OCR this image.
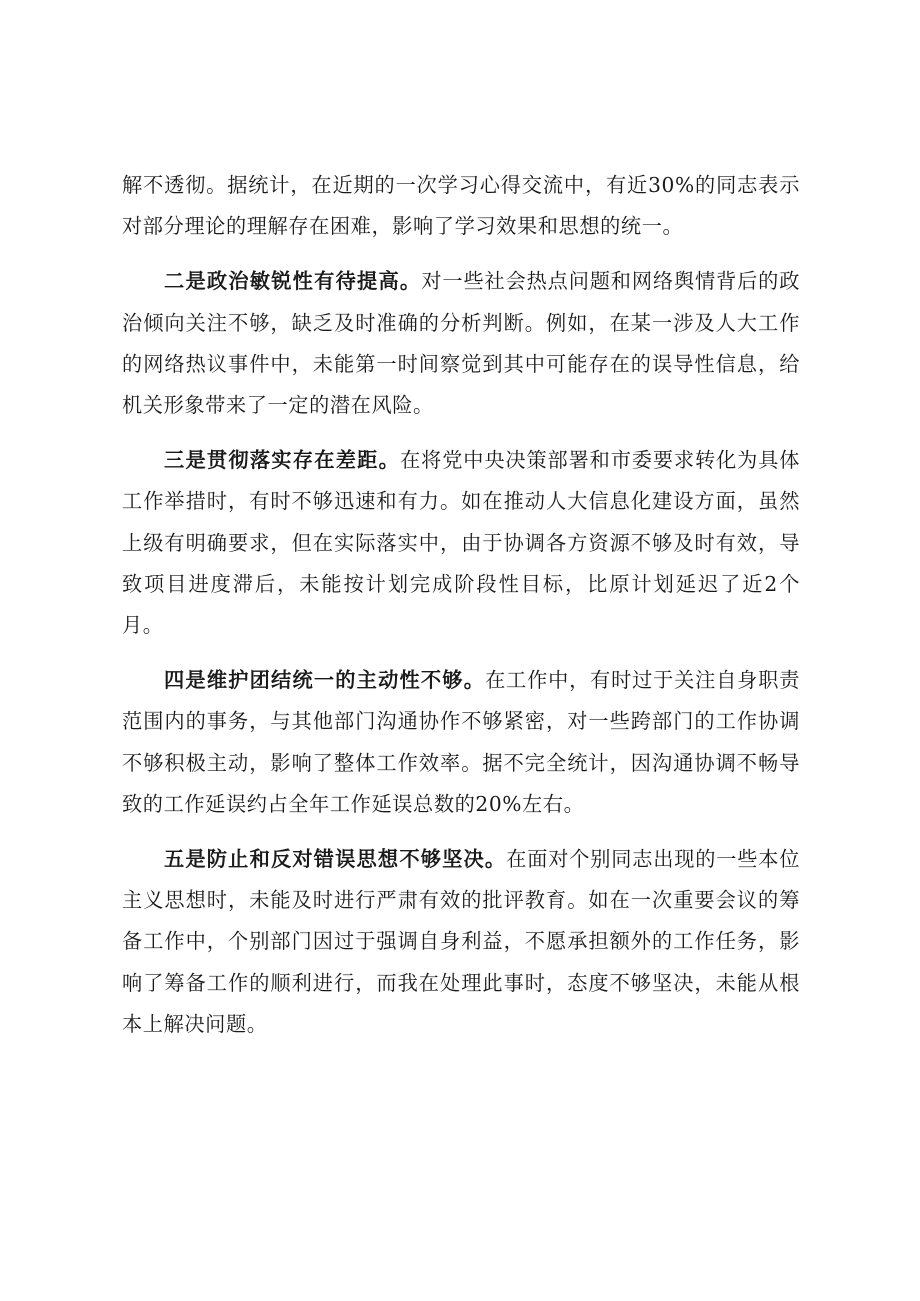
解不透彻。据统计，在近期的一次学习心得交流中，有近30%的同志表示对部分理论的理解存在困难，影响了学习效果和思想的统一。

二是政治敏锐性有待提高。对一些社会热点问题和网络舆情背后的政治倾向关注不够，缺乏及时准确的分析判断。例如，在某一涉及人大工作的网络热议事件中，未能第一时间察觉到其中可能存在的误导性信息，给机关形象带来了一定的潜在风险。

三是贯彻落实存在差距。在将党中央决策部署和市委要求转化为具体工作举措时，有时不够迅速和有力。如在推动人大信息化建设方面，虽然上级有明确要求，但在实际落实中，由于协调各方资源不够及时有效，导致项目进度滞后，未能按计划完成阶段性目标，比原计划延迟了近2个月。

四是维护团结统一的主动性不够。在工作中，有时过于关注自身职责范围内的事务，与其他部门沟通协作不够紧密，对一些跨部门的工作协调不够积极主动，影响了整体工作效率。据不完全统计，因沟通协调不畅导致的工作延误约占全年工作延误总数的20%左右。

五是防止和反对错误思想不够坚决。在面对个别同志出现的一些本位主义思想时，未能及时进行严肃有效的批评教育。如在一次重要会议的筹备工作中，个别部门因过于强调自身利益，不愿承担额外的工作任务，影响了筹备工作的顺利进行，而我在处理此事时，态度不够坚决，未能从根本上解决问题。
